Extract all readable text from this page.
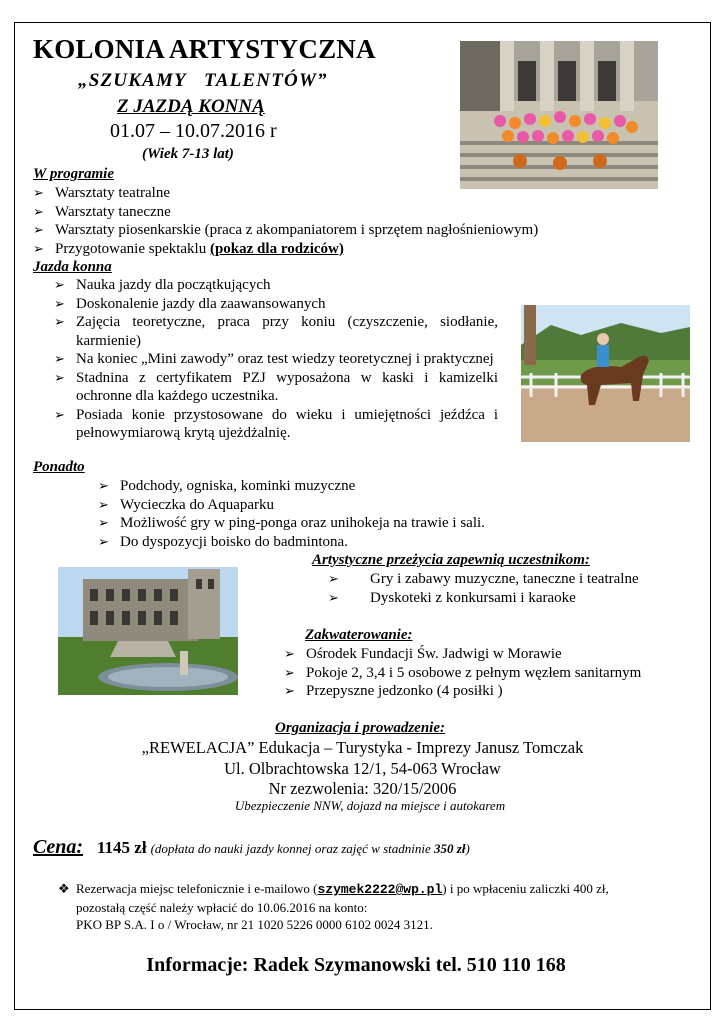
KOLONIA ARTYSTYCZNA
„SZUKAMY   TALENTÓW”
Z JAZDĄ KONNĄ
01.07 – 10.07.2016 r
(Wiek 7-13 lat)
W programie
➢ Warsztaty teatralne
➢ Warsztaty taneczne
➢ Warsztaty piosenkarskie (praca z akompaniatorem i sprzętem nagłośnieniowym)
➢ Przygotowanie spektaklu (pokaz dla rodziców)
Jazda konna
➢ Nauka jazdy dla początkujących
➢ Doskonalenie jazdy dla zaawansowanych
➢ Zajęcia teoretyczne, praca przy koniu (czyszczenie, siodłanie, karmienie)
➢ Na koniec „Mini zawody” oraz test wiedzy teoretycznej i praktycznej
➢ Stadnina z certyfikatem PZJ wyposażona w kaski i kamizelki ochronne dla każdego uczestnika.
➢ Posiada konie przystosowane do wieku i umiejętności jeźdźca i pełnowymiarową krytą ujeżdżalnię.
Ponadto
➢ Podchody, ogniska, kominki muzyczne
➢ Wycieczka do Aquaparku
➢ Możliwość gry w ping-ponga oraz unihokeja na trawie i sali.
➢ Do dyspozycji boisko do badmintona.
Artystyczne przeżycia zapewnią uczestnikom:
➢ Gry i zabawy muzyczne, taneczne i teatralne
➢ Dyskoteki z konkursami i karaoke
Zakwaterowanie:
➢ Ośrodek Fundacji Św. Jadwigi w Morawie
➢ Pokoje 2, 3,4 i 5 osobowe z pełnym węzłem sanitarnym
➢ Przepyszne jedzonko (4 posiłki )
Organizacja i prowadzenie:
„REWELACJA” Edukacja – Turystyka - Imprezy Janusz Tomczak
Ul. Olbrachtowska 12/1, 54-063 Wrocław
Nr zezwolenia: 320/15/2006
Ubezpieczenie NNW, dojazd na miejsce i autokarem
Cena: 1145 zł (dopłata do nauki jazdy konnej oraz zajęć w stadninie 350 zł)
❖ Rezerwacja miejsc telefonicznie i e-mailowo (szymek2222@wp.pl) i po wpłaceniu zaliczki 400 zł,
pozostałą część należy wpłacić do 10.06.2016 na konto:
PKO BP S.A. I o / Wrocław, nr 21 1020 5226 0000 6102 0024 3121.
Informacje: Radek Szymanowski tel. 510 110 168
